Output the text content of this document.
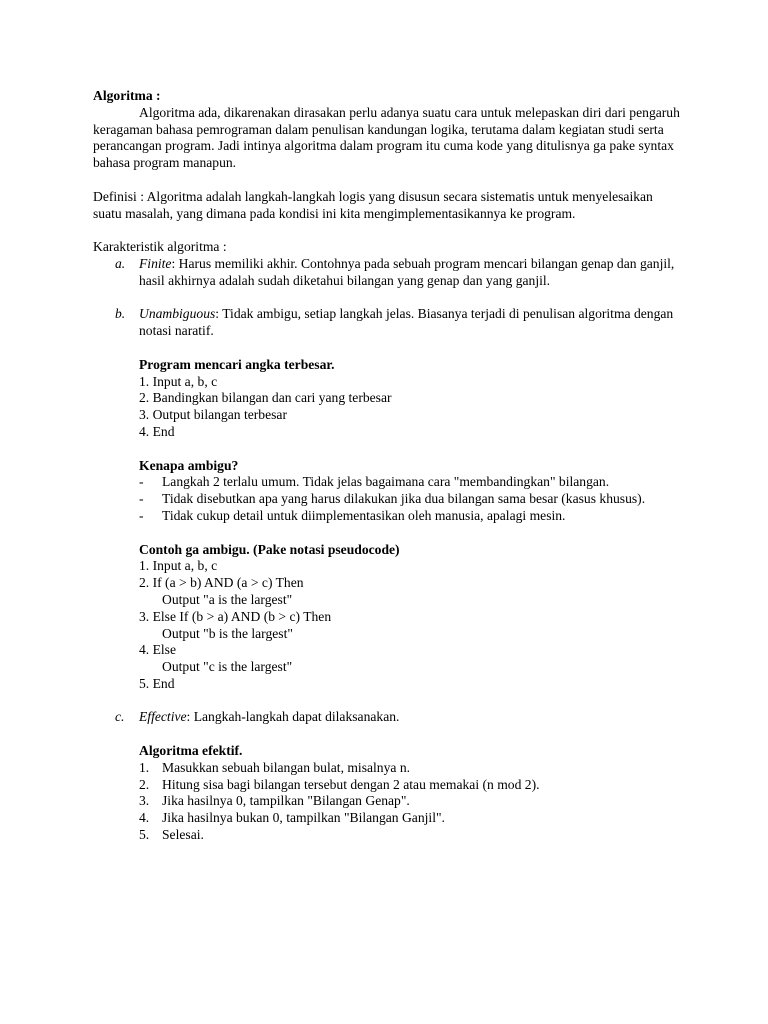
Algoritma :

Algoritma ada, dikarenakan dirasakan perlu adanya suatu cara untuk melepaskan diri dari pengaruh keragaman bahasa pemrograman dalam penulisan kandungan logika, terutama dalam kegiatan studi serta perancangan program. Jadi intinya algoritma dalam program itu cuma kode yang ditulisnya ga pake syntax bahasa program manapun.

Definisi : Algoritma adalah langkah-langkah logis yang disusun secara sistematis untuk menyelesaikan suatu masalah, yang dimana pada kondisi ini kita mengimplementasikannya ke program.

Karakteristik algoritma :

a. Finite: Harus memiliki akhir. Contohnya pada sebuah program mencari bilangan genap dan ganjil, hasil akhirnya adalah sudah diketahui bilangan yang genap dan yang ganjil.
b. Unambiguous: Tidak ambigu, setiap langkah jelas. Biasanya terjadi di penulisan algoritma dengan notasi naratif.

Program mencari angka terbesar.

1. Input a, b, c

2. Bandingkan bilangan dan cari yang terbesar

3. Output bilangan terbesar

4. End

Kenapa ambigu?

- Langkah 2 terlalu umum. Tidak jelas bagaimana cara "membandingkan" bilangan.
- Tidak disebutkan apa yang harus dilakukan jika dua bilangan sama besar (kasus khusus).
- Tidak cukup detail untuk diimplementasikan oleh manusia, apalagi mesin.

Contoh ga ambigu. (Pake notasi pseudocode)

1. Input a, b, c

2. If (a > b) AND (a > c) Then

Output "a is the largest"

3. Else If (b > a) AND (b > c) Then

Output "b is the largest"

4. Else

Output "c is the largest"

5. End

c. Effective: Langkah-langkah dapat dilaksanakan.

Algoritma efektif.

1. Masukkan sebuah bilangan bulat, misalnya n.
2. Hitung sisa bagi bilangan tersebut dengan 2 atau memakai (n mod 2).
3. Jika hasilnya 0, tampilkan "Bilangan Genap".
4. Jika hasilnya bukan 0, tampilkan "Bilangan Ganjil".
5. Selesai.
